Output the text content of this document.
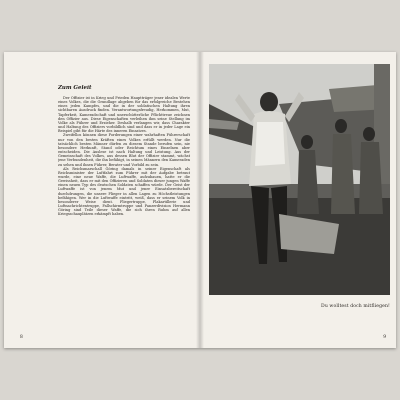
Zum Geleit

Der Offizier ist in Krieg und Frieden Hauptträger jener idealen Werte eines Volkes, die die Grundlage abgeben für das erfolgreiche Bestehen eines jeden Kampfes, und die in der soldatischen Haltung ihren sichtbaren Ausdruck finden. Verantwortungsfreudig, Herkommen, Mut, Tapferkeit, Kameradschaft und unerschütterliche Pflichttreue zeichnen den Offizier aus. Diese Eigenschaften verleihen ihm seine Stellung im Volke als Führer und Erzieher. Deshalb verlangen wir, dass Charakter und Haltung des Offiziers vorbildlich sind und dass er in jeder Lage ein Beispiel gibt für die Härte des inneren Einsatzes.

Zweifellos können diese Forderungen einer wahrhaften Führerschaft nur von den besten Kräften eines Volkes erfüllt werden. Nur die tatsächlich besten Männer dürfen zu diesem Stande berufen sein, nie besondere Herkunft, Stand oder Reichtum eines Einzelnen aber entscheiden. Die Auslese ist nach Haltung und Leistung. Aus der Gemeinschaft des Volkes, aus dessen Blut der Offizier stammt, wächst jene Verbundenheit, die ihn befähigt, in seinen Männern den Kameraden zu sehen und ihnen Führer, Berater und Vorbild zu sein.

Als Reichsmarschall Göring damals in seiner Eigenschaft als Reichsminister der Luftfahrt zum Führer mit der Aufgabe betraut wurde, eine neue Waffe, die Luftwaffe, aufzubauen, hatte er die Gewissheit, dass er mit den Offizieren und Soldaten dieser jungen Waffe einen neuen Typ des deutschen Soldaten schaffen würde. Der Geist der Luftwaffe ist von jenem Mut und jener Einsatzbereitschaft durchdrungen, die unsere Flieger in allen Lagen zu Höchstleistungen befähigen. Wer in die Luftwaffe eintritt, weiß, dass er seinem Volk in besonderer Weise dient. Fliegertruppe, Flakartillerie und Luftnachrichtentruppe, Fallschirmtruppe und Panzerdivision Hermann Göring sind Teile dieser Waffe, die sich ihren Ruhm auf allen Kriegsschauplätzen erkämpft haben.

8
Du wolltest doch mitfliegen!
9
